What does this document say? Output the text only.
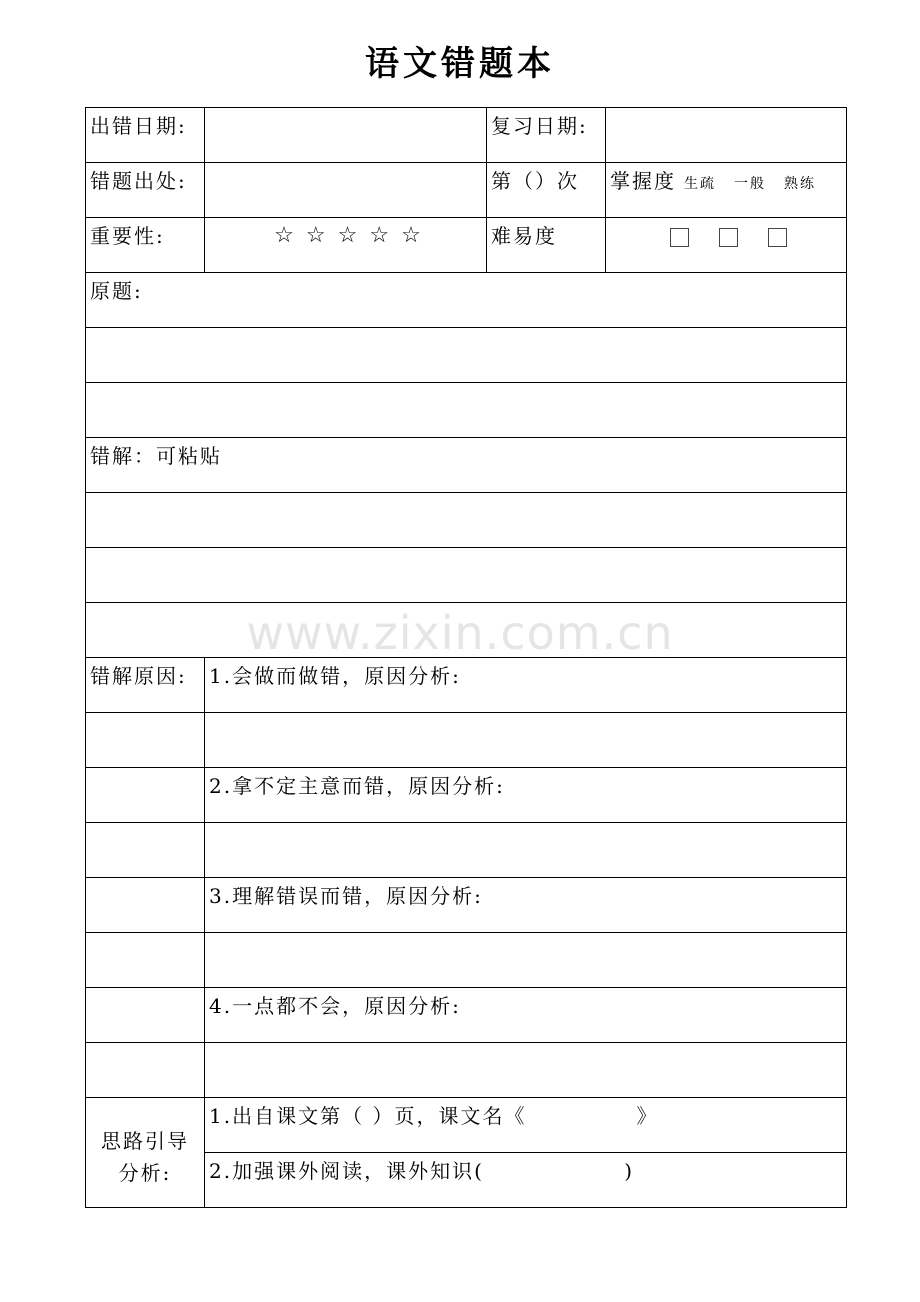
语文错题本
出错日期:		复习日期:	
错题出处:		第（）次	掌握度 生疏 一般 熟练
重要性:	☆ ☆ ☆ ☆ ☆	难易度	
原题:			

错解：可粘贴			

错解原因:	1.会做而做错，原因分析:		

	2.拿不定主意而错，原因分析:		

	3.理解错误而错，原因分析:		

	4.一点都不会，原因分析:		

思路引导
分析:	1.出自课文第（ ）页，课文名《　　　　　》		
	2.加强课外阅读，课外知识(　　　　　　 )		
www.zixin.com.cn
